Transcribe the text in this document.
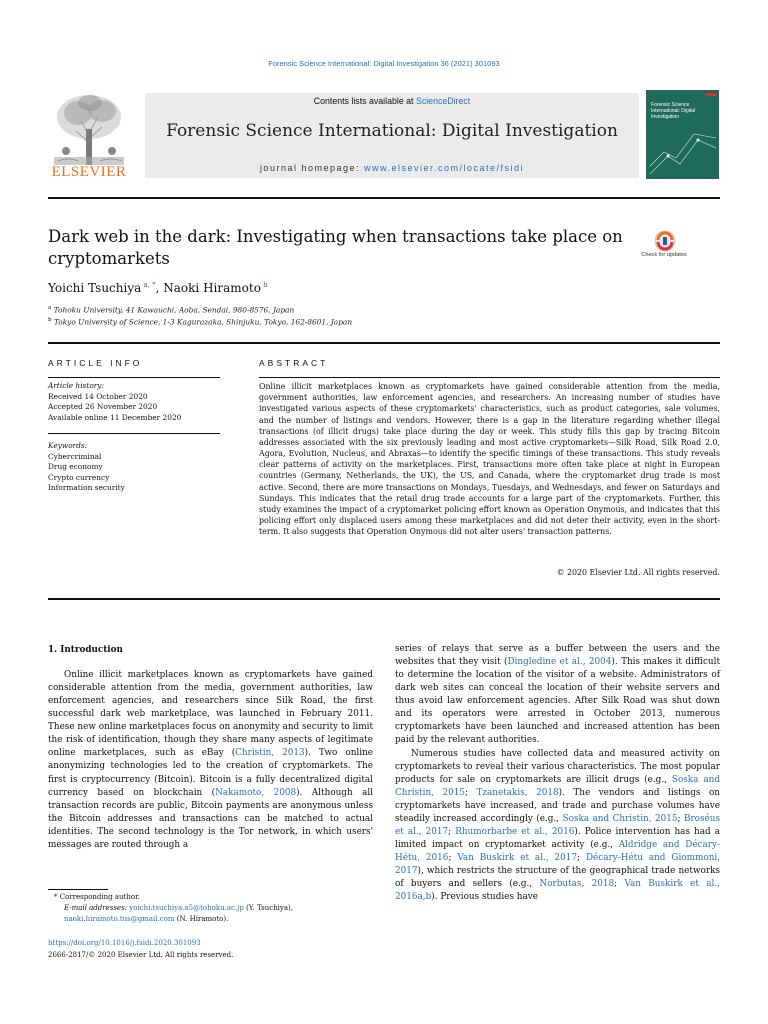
Forensic Science International: Digital Investigation 36 (2021) 301093
ELSEVIER
Contents lists available at ScienceDirect
Forensic Science International: Digital Investigation
journal homepage: www.elsevier.com/locate/fsidi
Forensic Science International: Digital Investigation
Dark web in the dark: Investigating when transactions take place on cryptomarkets	Check for updates
Yoichi Tsuchiya $^{a, *}$, Naoki Hiramoto $^b$
$^a$ Tohoku University, 41 Kawauchi, Aoba, Sendai, 980-8576, Japan
$^b$ Tokyo University of Science, 1-3 Kagurazaka, Shinjuku, Tokyo, 162-8601, Japan
ARTICLE INFO	ABSTRACT
Article history:
Received 14 October 2020
Accepted 26 November 2020
Available online 11 December 2020
Keywords:
Cybercriminal
Drug economy
Crypto currency
Information security
Online illicit marketplaces known as cryptomarkets have gained considerable attention from the media, government authorities, law enforcement agencies, and researchers. An increasing number of studies have investigated various aspects of these cryptomarkets' characteristics, such as product categories, sale volumes, and the number of listings and vendors. However, there is a gap in the literature regarding whether illegal transactions (of illicit drugs) take place during the day or week. This study fills this gap by tracing Bitcoin addresses associated with the six previously leading and most active cryptomarkets—Silk Road, Silk Road 2.0, Agora, Evolution, Nucleus, and Abraxas—to identify the specific timings of these transactions. This study reveals clear patterns of activity on the marketplaces. First, transactions more often take place at night in European countries (Germany, Netherlands, the UK), the US, and Canada, where the cryptomarket drug trade is most active. Second, there are more transactions on Mondays, Tuesdays, and Wednesdays, and fewer on Saturdays and Sundays. This indicates that the retail drug trade accounts for a large part of the cryptomarkets. Further, this study examines the impact of a cryptomarket policing effort known as Operation Onymous, and indicates that this policing effort only displaced users among these marketplaces and did not deter their activity, even in the short-term. It also suggests that Operation Onymous did not alter users' transaction patterns.
© 2020 Elsevier Ltd. All rights reserved.
1. Introduction

Online illicit marketplaces known as cryptomarkets have gained considerable attention from the media, government authorities, law enforcement agencies, and researchers since Silk Road, the first successful dark web marketplace, was launched in February 2011. These new online marketplaces focus on anonymity and security to limit the risk of identification, though they share many aspects of legitimate online marketplaces, such as eBay (Christin, 2013). Two online anonymizing technologies led to the creation of cryptomarkets. The first is cryptocurrency (Bitcoin). Bitcoin is a fully decentralized digital currency based on blockchain (Nakamoto, 2008). Although all transaction records are public, Bitcoin payments are anonymous unless the Bitcoin addresses and transactions can be matched to actual identities. The second technology is the Tor network, in which users' messages are routed through a

series of relays that serve as a buffer between the users and the websites that they visit (Dingledine et al., 2004). This makes it difficult to determine the location of the visitor of a website. Administrators of dark web sites can conceal the location of their website servers and thus avoid law enforcement agencies. After Silk Road was shut down and its operators were arrested in October 2013, numerous cryptomarkets have been launched and increased attention has been paid by the relevant authorities.

Numerous studies have collected data and measured activity on cryptomarkets to reveal their various characteristics. The most popular products for sale on cryptomarkets are illicit drugs (e.g., Soska and Christin, 2015; Tzanetakis, 2018). The vendors and listings on cryptomarkets have increased, and trade and purchase volumes have steadily increased accordingly (e.g., Soska and Christin, 2015; Broséus et al., 2017; Rhumorbarbe et al., 2016). Police intervention has had a limited impact on cryptomarket activity (e.g., Aldridge and Décary-Hétu, 2016; Van Buskirk et al., 2017; Décary-Hétu and Giommoni, 2017), which restricts the structure of the geographical trade networks of buyers and sellers (e.g., Norbutas, 2018; Van Buskirk et al., 2016a,b). Previous studies have

* Corresponding author.
E-mail addresses: yoichi.tsuchiya.a5@tohoku.ac.jp (Y. Tsuchiya), naoki.hiramoto.tus@gmail.com (N. Hiramoto).
https://doi.org/10.1016/j.fsidi.2020.301093
2666-2817/© 2020 Elsevier Ltd. All rights reserved.
